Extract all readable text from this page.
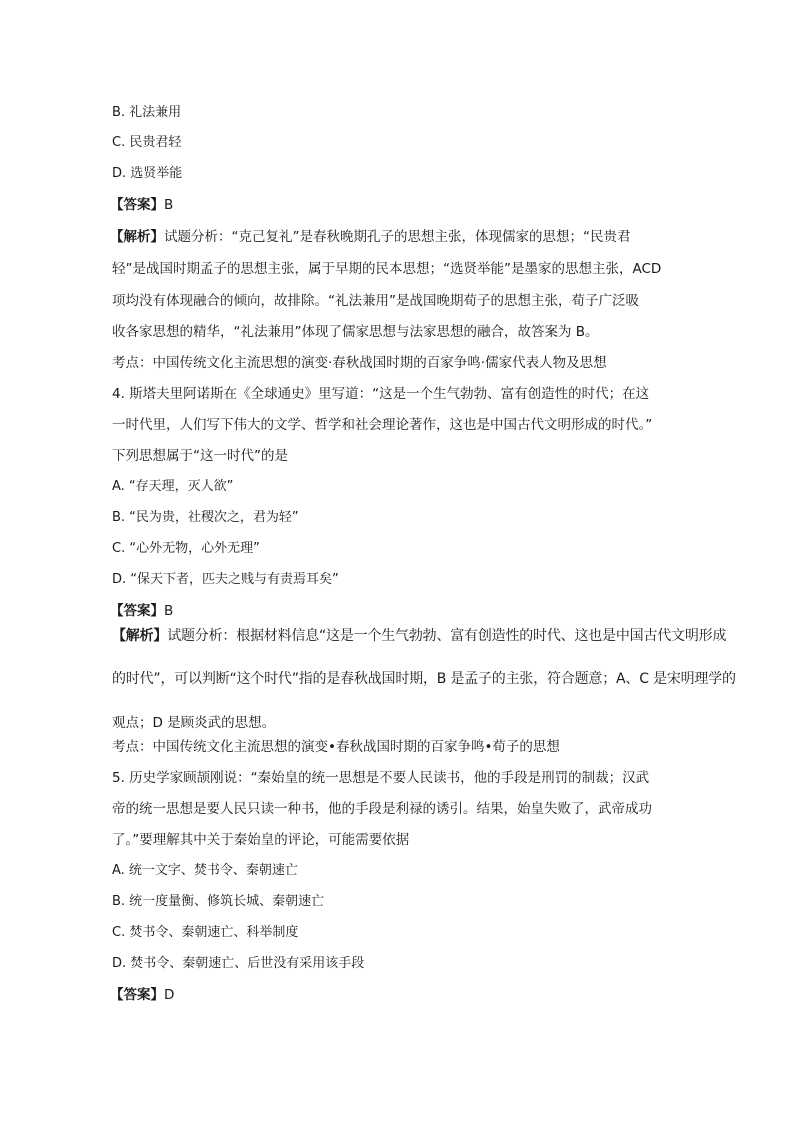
B. 礼法兼用
C. 民贵君轻
D. 选贤举能
【答案】B
【解析】试题分析：“克己复礼”是春秋晚期孔子的思想主张，体现儒家的思想；“民贵君
轻”是战国时期孟子的思想主张，属于早期的民本思想；“选贤举能”是墨家的思想主张，ACD
项均没有体现融合的倾向，故排除。“礼法兼用”是战国晚期荀子的思想主张，荀子广泛吸
收各家思想的精华，“礼法兼用”体现了儒家思想与法家思想的融合，故答案为 B。
考点：中国传统文化主流思想的演变·春秋战国时期的百家争鸣·儒家代表人物及思想
4. 斯塔夫里阿诺斯在《全球通史》里写道：“这是一个生气勃勃、富有创造性的时代；在这
一时代里，人们写下伟大的文学、哲学和社会理论著作，这也是中国古代文明形成的时代。”
下列思想属于“这一时代”的是
A. “存天理，灭人欲”
B. “民为贵，社稷次之，君为轻”
C. “心外无物，心外无理”
D. “保天下者，匹夫之贱与有责焉耳矣”
【答案】B
【解析】试题分析：根据材料信息“这是一个生气勃勃、富有创造性的时代、这也是中国古代文明形成
的时代”，可以判断“这个时代”指的是春秋战国时期，B 是孟子的主张，符合题意；A、C 是宋明理学的
观点；D 是顾炎武的思想。
考点：中国传统文化主流思想的演变•春秋战国时期的百家争鸣•荀子的思想
5. 历史学家顾颉刚说：“秦始皇的统一思想是不要人民读书，他的手段是刑罚的制裁；汉武
帝的统一思想是要人民只读一种书，他的手段是利禄的诱引。结果，始皇失败了，武帝成功
了。”要理解其中关于秦始皇的评论，可能需要依据
A. 统一文字、焚书令、秦朝速亡
B. 统一度量衡、修筑长城、秦朝速亡
C. 焚书令、秦朝速亡、科举制度
D. 焚书令、秦朝速亡、后世没有采用该手段
【答案】D
